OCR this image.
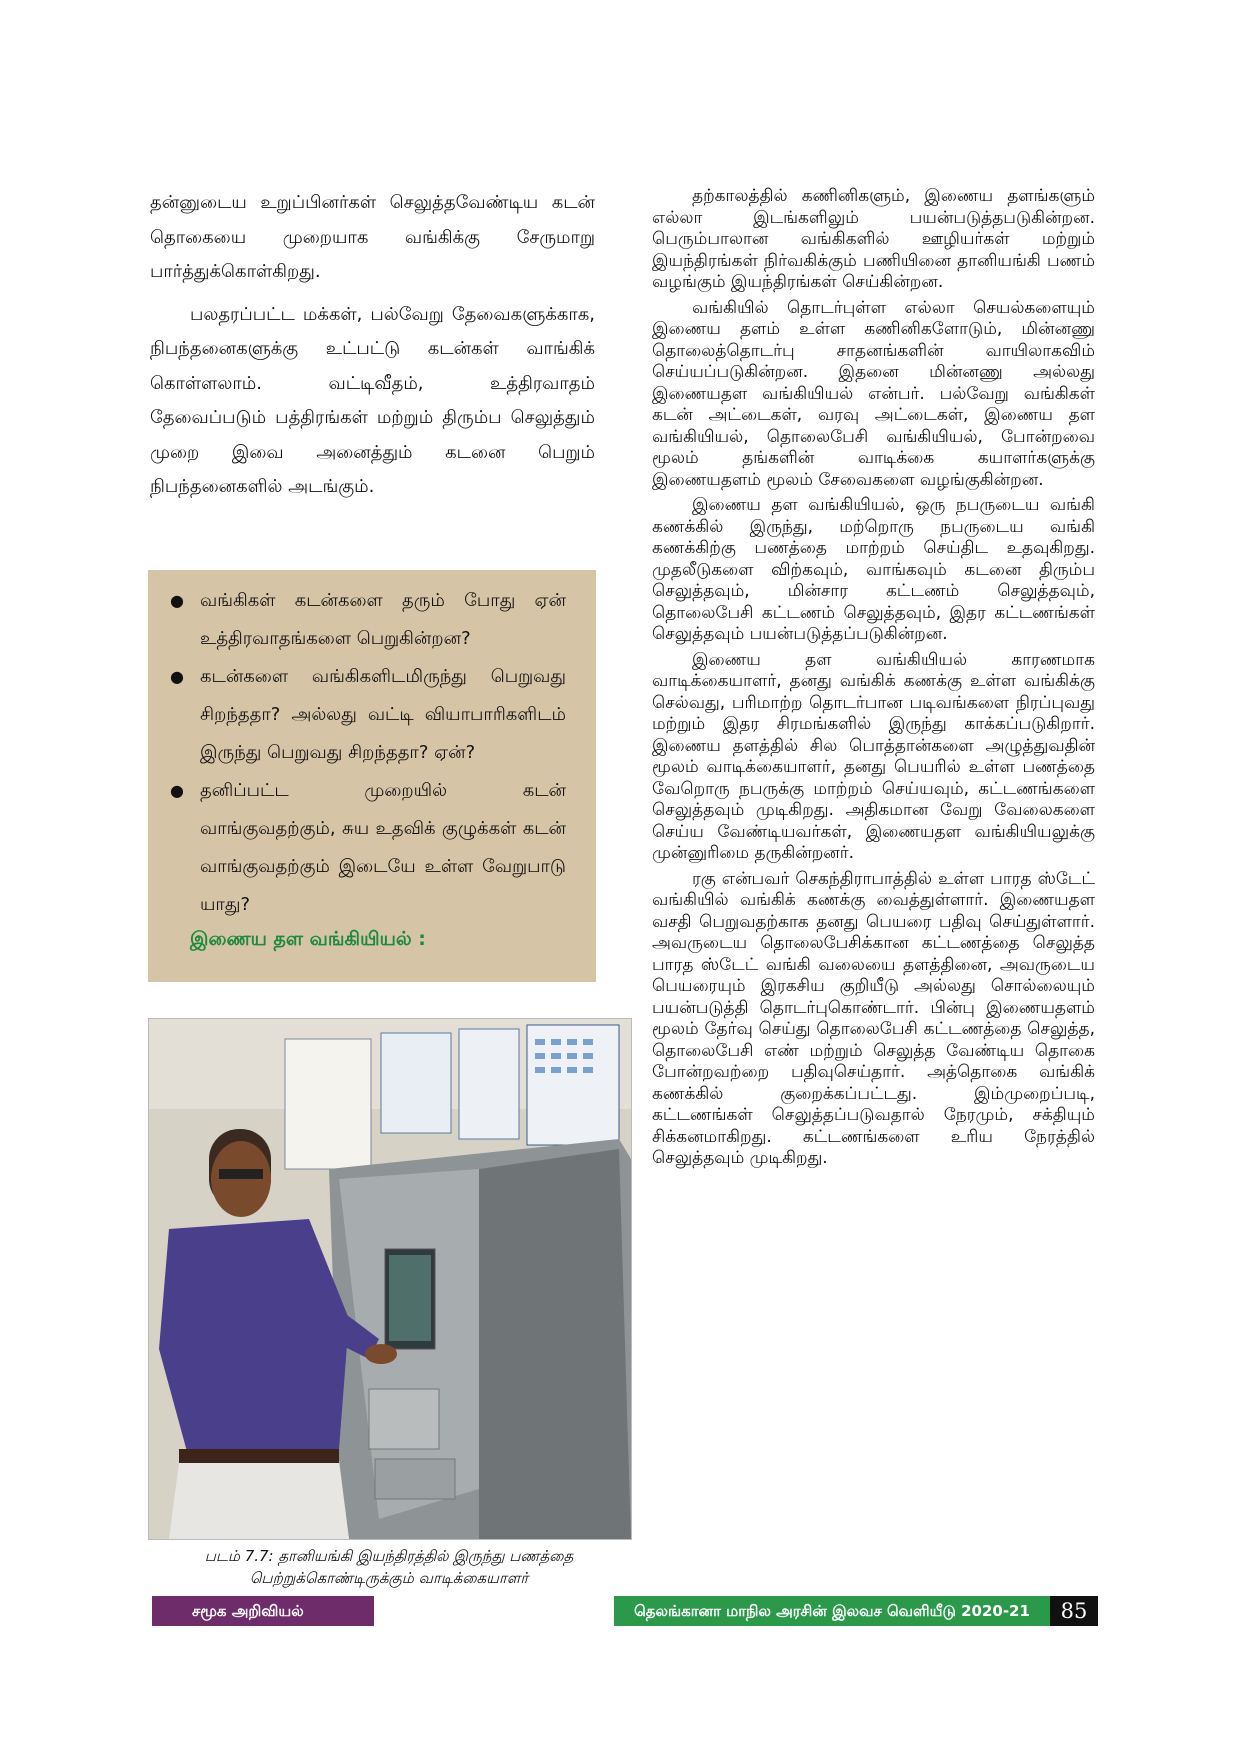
தன்னுடைய உறுப்பினர்கள் செலுத்தவேண்டிய கடன் தொகையை முறையாக வங்கிக்கு சேருமாறு பார்த்துக்கொள்கிறது.

பலதரப்பட்ட மக்கள், பல்வேறு தேவைகளுக்காக, நிபந்தனைகளுக்கு உட்பட்டு கடன்கள் வாங்கிக் கொள்ளலாம். வட்டிவீதம், உத்திரவாதம் தேவைப்படும் பத்திரங்கள் மற்றும் திரும்ப செலுத்தும் முறை இவை அனைத்தும் கடனை பெறும் நிபந்தனைகளில் அடங்கும்.

● வங்கிகள் கடன்களை தரும் போது ஏன் உத்திரவாதங்களை பெறுகின்றன?
● கடன்களை வங்கிகளிடமிருந்து பெறுவது சிறந்ததா? அல்லது வட்டி வியாபாரிகளிடம் இருந்து பெறுவது சிறந்ததா? ஏன்?
● தனிப்பட்ட முறையில் கடன் வாங்குவதற்கும், சுய உதவிக் குழுக்கள் கடன் வாங்குவதற்கும் இடையே உள்ள வேறுபாடு யாது?

இணைய தள வங்கியியல் :

படம் 7.7: தானியங்கி இயந்திரத்தில் இருந்து பணத்தை
பெற்றுக்கொண்டிருக்கும் வாடிக்கையாளர்

தற்காலத்தில் கணினிகளும், இணைய தளங்களும் எல்லா இடங்களிலும் பயன்படுத்தபடுகின்றன. பெரும்பாலான வங்கிகளில் ஊழியர்கள் மற்றும் இயந்திரங்கள் நிர்வகிக்கும் பணியினை தானியங்கி பணம் வழங்கும் இயந்திரங்கள் செய்கின்றன.

வங்கியில் தொடர்புள்ள எல்லா செயல்களையும் இணைய தளம் உள்ள கணினிகளோடும், மின்னணு தொலைத்தொடர்பு சாதனங்களின் வாயிலாகவிம் செய்யப்படுகின்றன. இதனை மின்னணு அல்லது இணையதள வங்கியியல் என்பர். பல்வேறு வங்கிகள் கடன் அட்டைகள், வரவு அட்டைகள், இணைய தள வங்கியியல், தொலைபேசி வங்கியியல், போன்றவை மூலம் தங்களின் வாடிக்கை கயாளர்களுக்கு இணையதளம் மூலம் சேவைகளை வழங்குகின்றன.

இணைய தள வங்கியியல், ஒரு நபருடைய வங்கி கணக்கில் இருந்து, மற்றொரு நபருடைய வங்கி கணக்கிற்கு பணத்தை மாற்றம் செய்திட உதவுகிறது. முதலீடுகளை விற்கவும், வாங்கவும் கடனை திரும்ப செலுத்தவும், மின்சார கட்டணம் செலுத்தவும், தொலைபேசி கட்டணம் செலுத்தவும், இதர கட்டணங்கள் செலுத்தவும் பயன்படுத்தப்படுகின்றன.

இணைய தள வங்கியியல் காரணமாக வாடிக்கையாளர், தனது வங்கிக் கணக்கு உள்ள வங்கிக்கு செல்வது, பரிமாற்ற தொடர்பான படிவங்களை நிரப்புவது மற்றும் இதர சிரமங்களில் இருந்து காக்கப்படுகிறார். இணைய தளத்தில் சில பொத்தான்களை அழுத்துவதின் மூலம் வாடிக்கையாளர், தனது பெயரில் உள்ள பணத்தை வேறொரு நபருக்கு மாற்றம் செய்யவும், கட்டணங்களை செலுத்தவும் முடிகிறது. அதிகமான வேறு வேலைகளை செய்ய வேண்டியவர்கள், இணையதள வங்கியியலுக்கு முன்னுரிமை தருகின்றனர்.

ரகு என்பவர் செகந்திராபாத்தில் உள்ள பாரத ஸ்டேட் வங்கியில் வங்கிக் கணக்கு வைத்துள்ளார். இணையதள வசதி பெறுவதற்காக தனது பெயரை பதிவு செய்துள்ளார். அவருடைய தொலைபேசிக்கான கட்டணத்தை செலுத்த பாரத ஸ்டேட் வங்கி வலையை தளத்தினை, அவருடைய பெயரையும் இரகசிய குறியீடு அல்லது சொல்லையும் பயன்படுத்தி தொடர்புகொண்டார். பின்பு இணையதளம் மூலம் தேர்வு செய்து தொலைபேசி கட்டணத்தை செலுத்த, தொலைபேசி எண் மற்றும் செலுத்த வேண்டிய தொகை போன்றவற்றை பதிவுசெய்தார். அத்தொகை வங்கிக் கணக்கில் குறைக்கப்பட்டது. இம்முறைப்படி, கட்டணங்கள் செலுத்தப்படுவதால் நேரமும், சக்தியும் சிக்கனமாகிறது. கட்டணங்களை உரிய நேரத்தில் செலுத்தவும் முடிகிறது.

சமூக அறிவியல்	தெலங்கானா மாநில அரசின் இலவச வெளியீடு 2020-21	85
